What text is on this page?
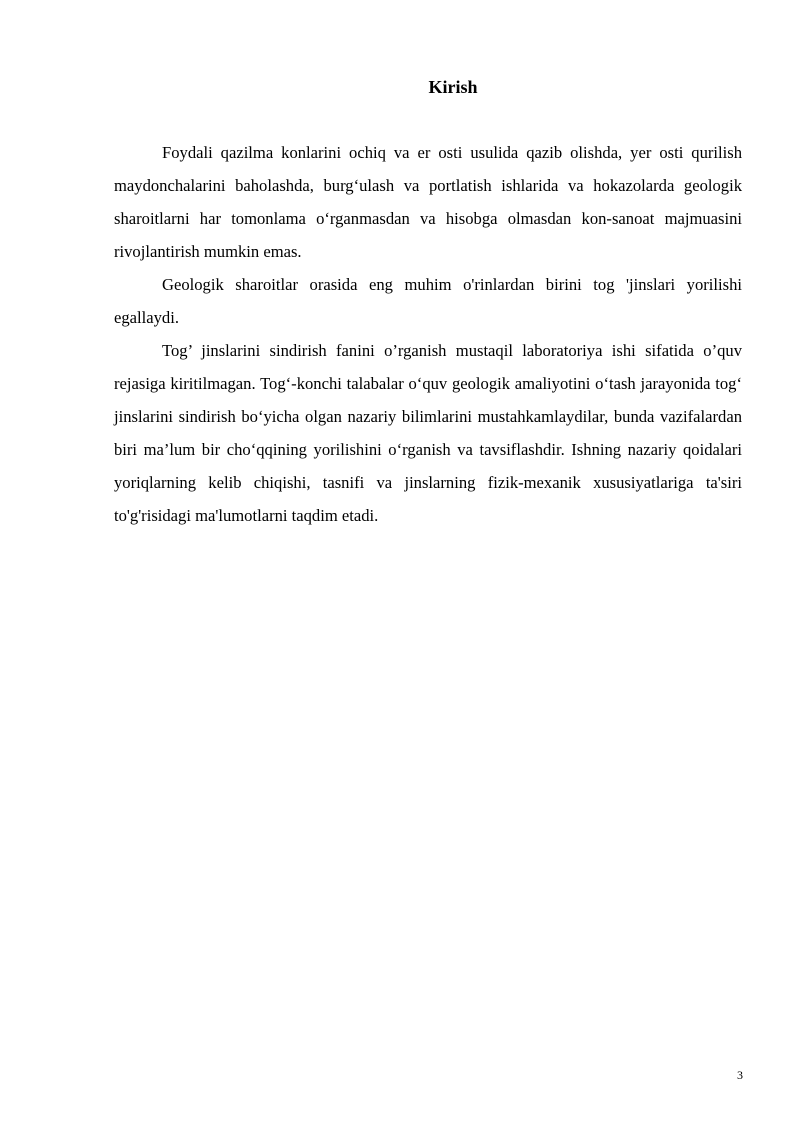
Kirish

Foydali qazilma konlarini ochiq va er osti usulida qazib olishda, yer osti qurilish maydonchalarini baholashda, burg‘ulash va portlatish ishlarida va hokazolarda geologik sharoitlarni har tomonlama o‘rganmasdan va hisobga olmasdan kon-sanoat majmuasini rivojlantirish mumkin emas.

Geologik sharoitlar orasida eng muhim o'rinlardan birini tog 'jinslari yorilishi egallaydi.

Tog’ jinslarini sindirish fanini o’rganish mustaqil laboratoriya ishi sifatida o’quv rejasiga kiritilmagan. Tog‘-konchi talabalar o‘quv geologik amaliyotini o‘tash jarayonida tog‘ jinslarini sindirish bo‘yicha olgan nazariy bilimlarini mustahkamlaydilar, bunda vazifalardan biri ma’lum bir cho‘qqining yorilishini o‘rganish va tavsiflashdir. Ishning nazariy qoidalari yoriqlarning kelib chiqishi, tasnifi va jinslarning fizik-mexanik xususiyatlariga ta'siri to'g'risidagi ma'lumotlarni taqdim etadi.

3
